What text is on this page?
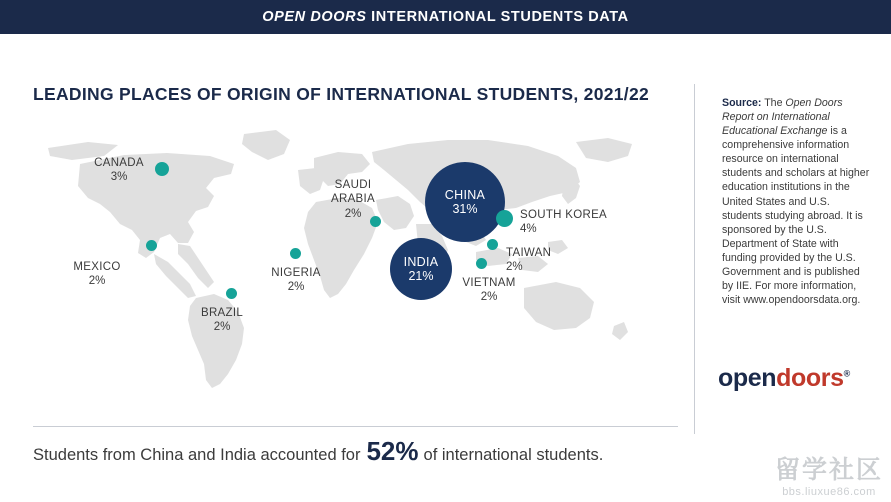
OPEN DOORS INTERNATIONAL STUDENTS DATA
LEADING PLACES OF ORIGIN OF INTERNATIONAL STUDENTS, 2021/22
CHINA
31%
INDIA
21%
SOUTH KOREA
4%
CANADA
3%
VIETNAM
2%
TAIWAN
2%
NIGERIA
2%
BRAZIL
2%
SAUDI
ARABIA
2%
MEXICO
2%
Source: The Open Doors Report on International Educational Exchange is a comprehensive information resource on international students and scholars at higher education institutions in the United States and U.S. students studying abroad. It is sponsored by the U.S. Department of State with funding provided by the U.S. Government and is published by IIE. For more information, visit www.opendoorsdata.org.
opendoors®
Students from China and India accounted for 52% of international students.
留学社区
bbs.liuxue86.com
